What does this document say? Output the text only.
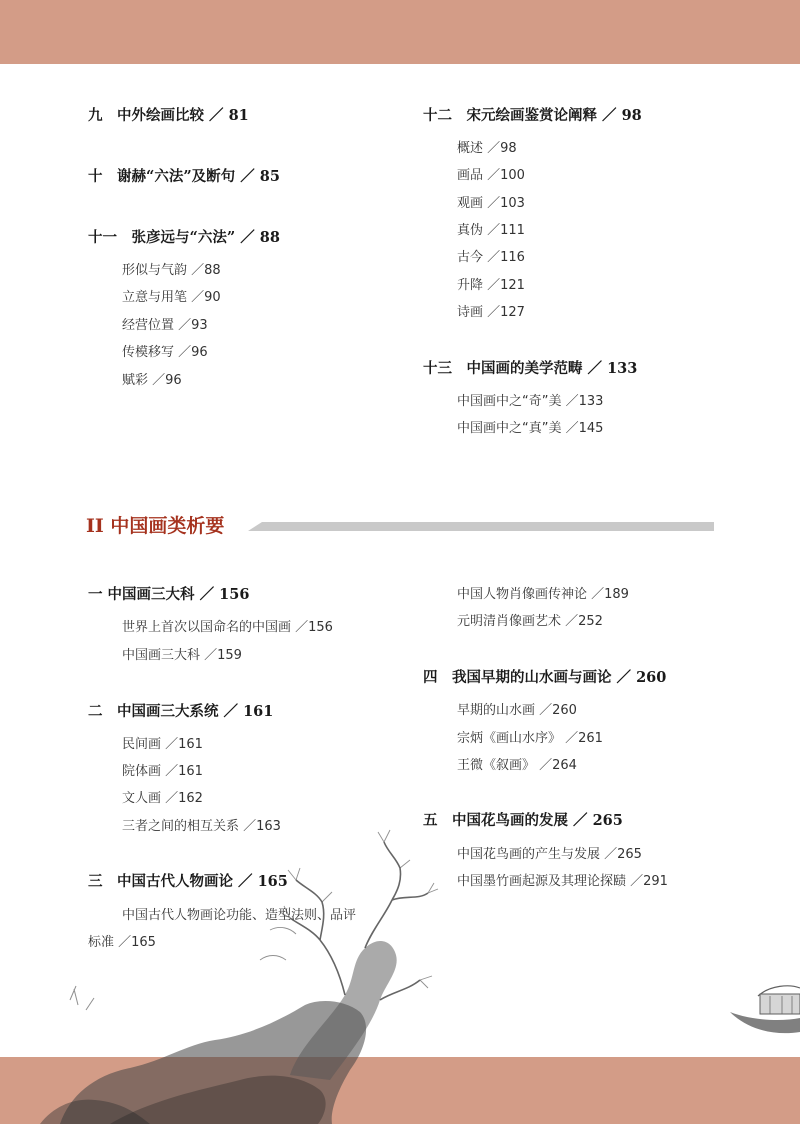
九　中外绘画比较 ／ 81
十　谢赫“六法”及断句 ／ 85
十一　张彦远与“六法” ／ 88
形似与气韵 ／88
立意与用笔 ／90
经营位置 ／93
传模移写 ／96
赋彩 ／96
十二　宋元绘画鉴赏论阐释 ／ 98
概述 ／98
画品 ／100
观画 ／103
真伪 ／111
古今 ／116
升降 ／121
诗画 ／127
十三　中国画的美学范畴 ／ 133
中国画中之“奇”美 ／133
中国画中之“真”美 ／145
II 中国画类析要
一 中国画三大科 ／ 156
世界上首次以国命名的中国画 ／156
中国画三大科 ／159
二　中国画三大系统 ／ 161
民间画 ／161
院体画 ／161
文人画 ／162
三者之间的相互关系 ／163
三　中国古代人物画论 ／ 165
中国古代人物画论功能、造型法则、品评
标准 ／165
中国人物肖像画传神论 ／189
元明清肖像画艺术 ／252
四　我国早期的山水画与画论 ／ 260
早期的山水画 ／260
宗炳《画山水序》 ／261
王微《叙画》 ／264
五　中国花鸟画的发展 ／ 265
中国花鸟画的产生与发展 ／265
中国墨竹画起源及其理论探赜 ／291
